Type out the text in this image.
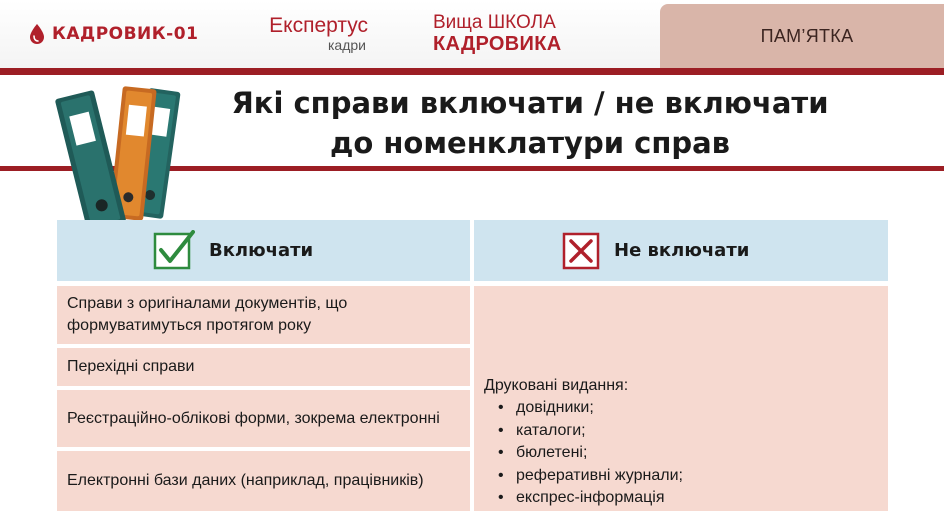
КАДРОВИК-01	Експертус
кадри
Вища ШКОЛА
КАДРОВИКА	ПАМ’ЯТКА
Які справи включати / не включати
до номенклатури справ
Включати	Не включати
Справи з оригіналами документів, що формуватимуться протягом року
Перехідні справи
Реєстраційно-облікові форми, зокрема електронні
Електронні бази даних (наприклад, працівників)
Друковані видання:
• довідники;
• каталоги;
• бюлетені;
• реферативні журнали;
• експрес-інформація
